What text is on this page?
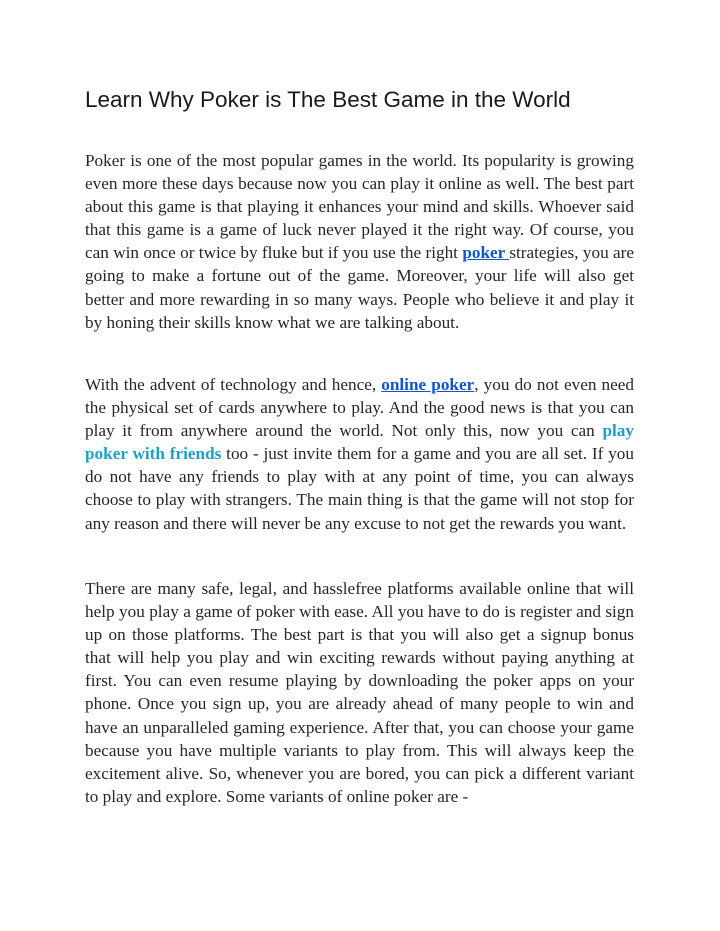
Learn Why Poker is The Best Game in the World

Poker is one of the most popular games in the world. Its popularity is growing even more these days because now you can play it online as well. The best part about this game is that playing it enhances your mind and skills. Whoever said that this game is a game of luck never played it the right way. Of course, you can win once or twice by fluke but if you use the right poker strategies, you are going to make a fortune out of the game. Moreover, your life will also get better and more rewarding in so many ways. People who believe it and play it by honing their skills know what we are talking about.

With the advent of technology and hence, online poker, you do not even need the physical set of cards anywhere to play. And the good news is that you can play it from anywhere around the world. Not only this, now you can play poker with friends too - just invite them for a game and you are all set. If you do not have any friends to play with at any point of time, you can always choose to play with strangers. The main thing is that the game will not stop for any reason and there will never be any excuse to not get the rewards you want.

There are many safe, legal, and hasslefree platforms available online that will help you play a game of poker with ease. All you have to do is register and sign up on those platforms. The best part is that you will also get a signup bonus that will help you play and win exciting rewards without paying anything at first. You can even resume playing by downloading the poker apps on your phone. Once you sign up, you are already ahead of many people to win and have an unparalleled gaming experience. After that, you can choose your game because you have multiple variants to play from. This will always keep the excitement alive. So, whenever you are bored, you can pick a different variant to play and explore. Some variants of online poker are -
